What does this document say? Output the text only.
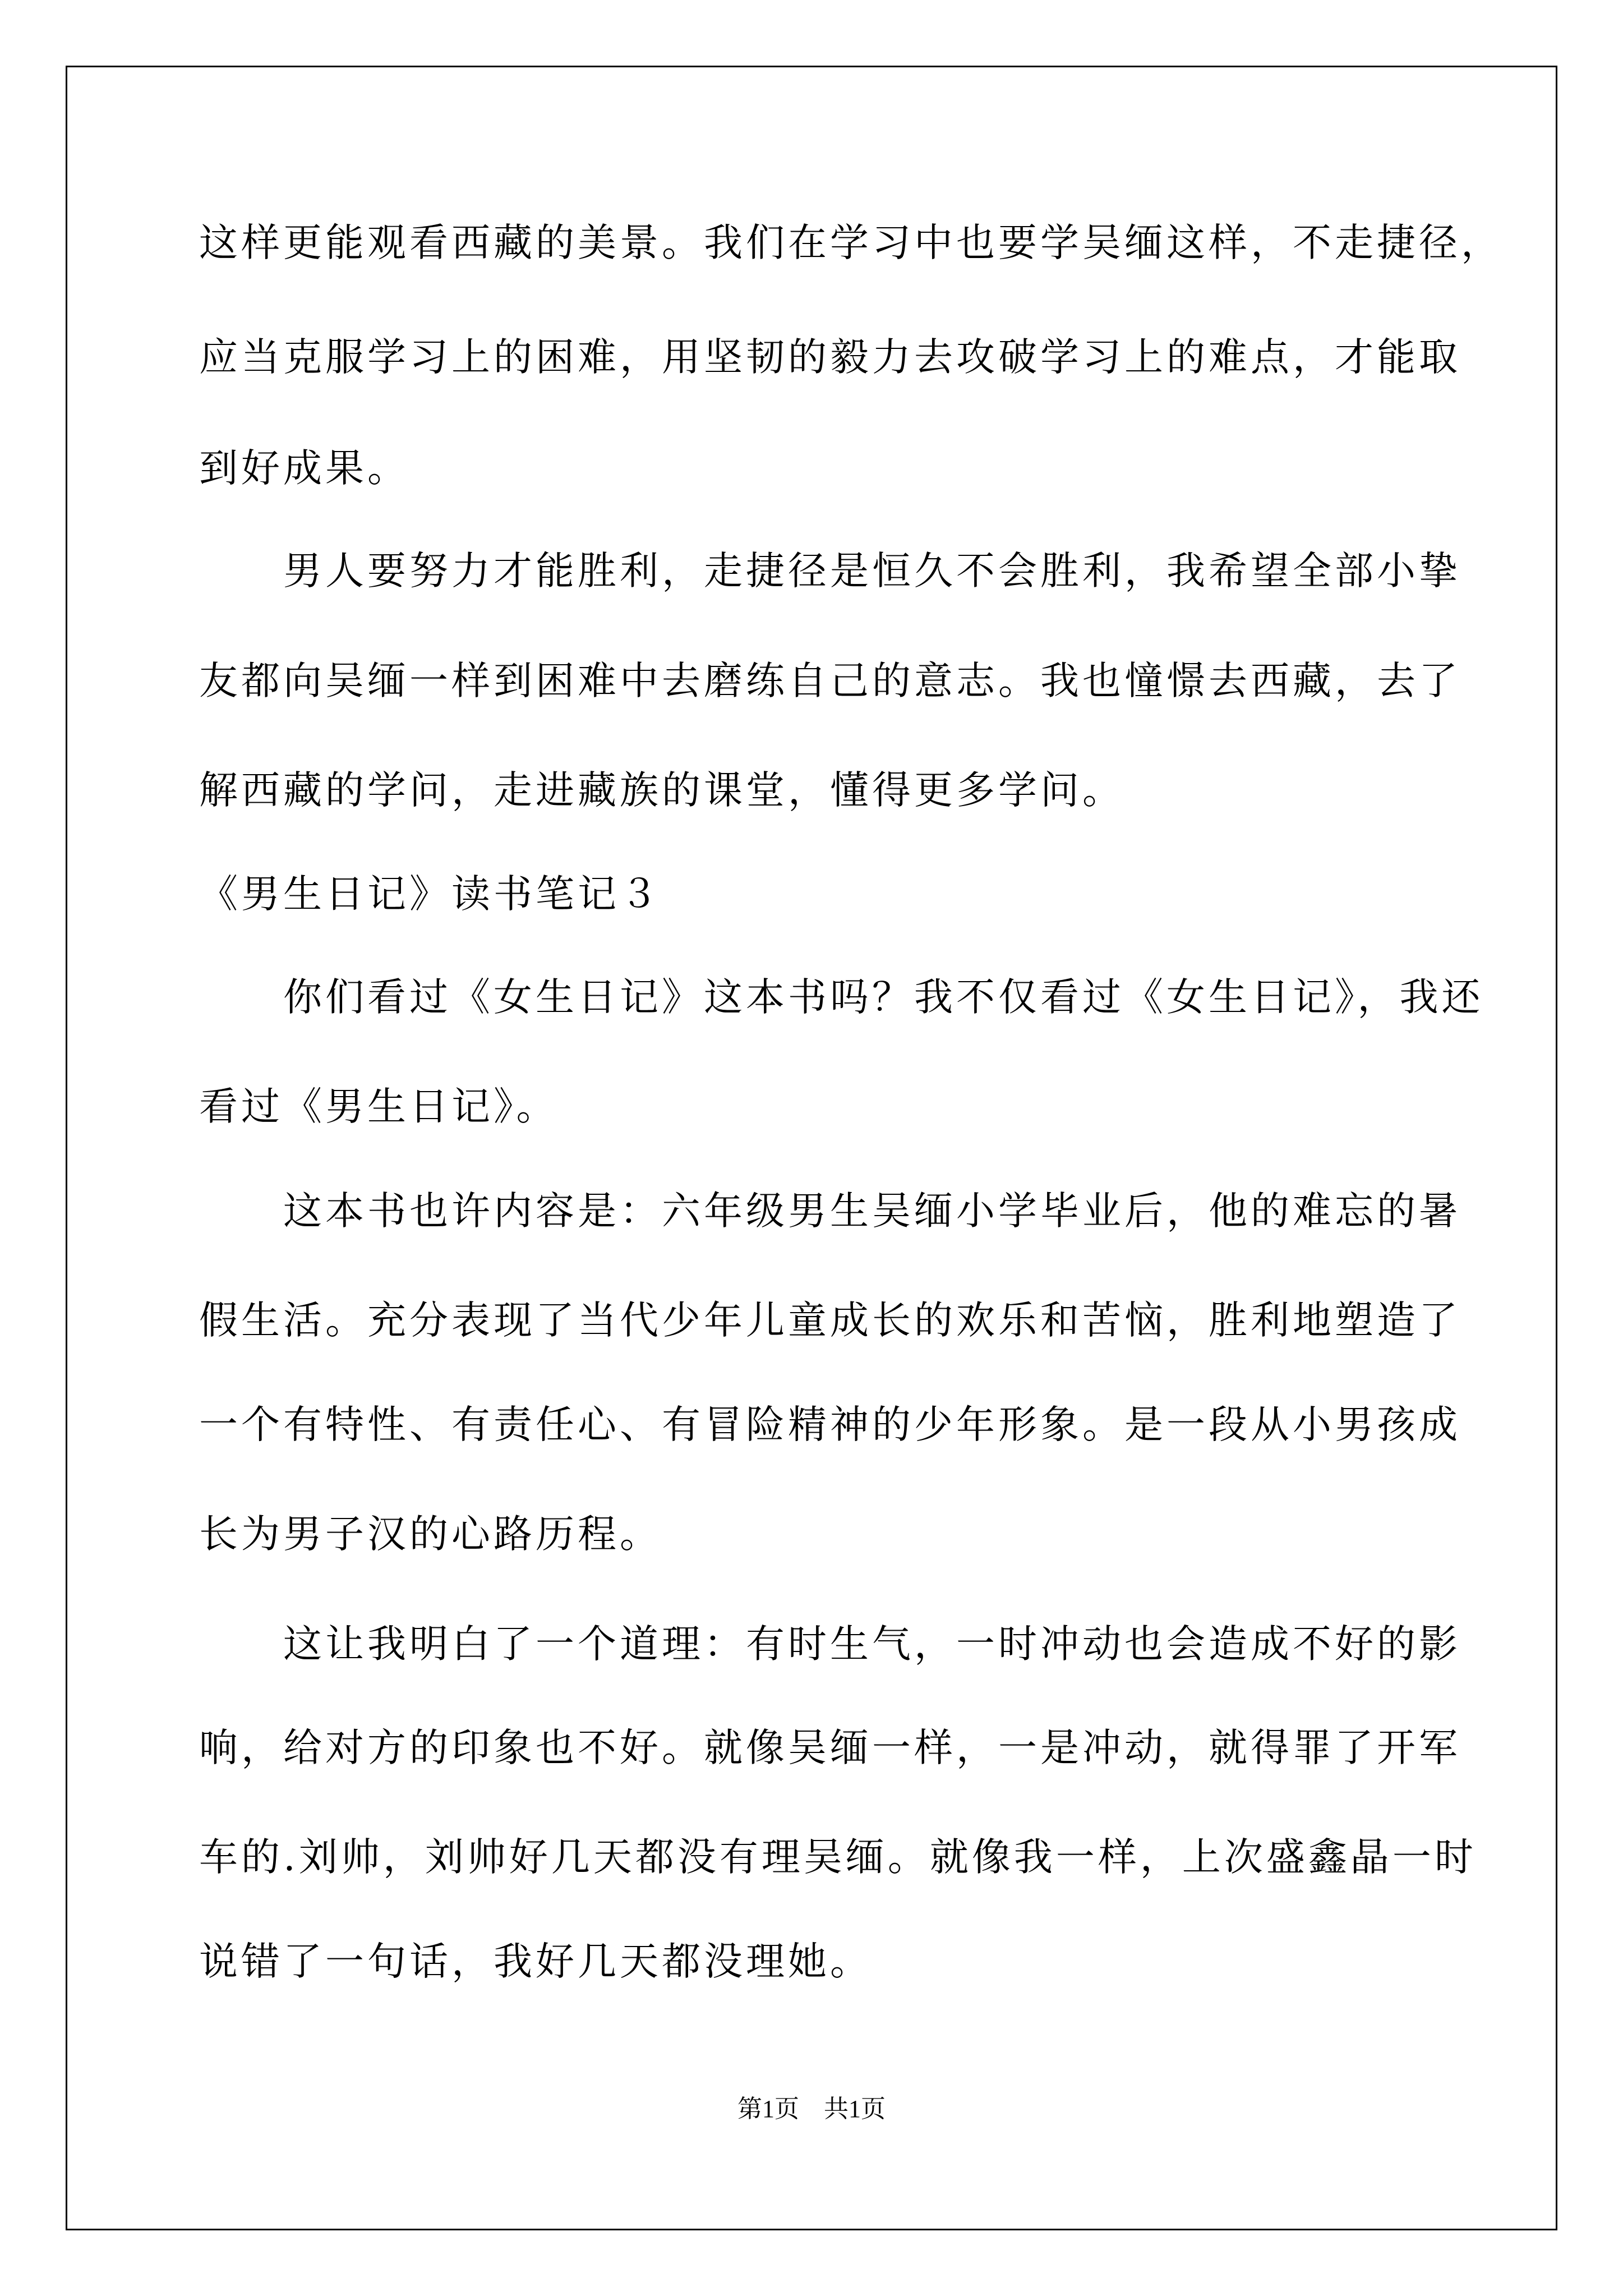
这样更能观看西藏的美景。我们在学习中也要学吴缅这样，不走捷径，
应当克服学习上的困难，用坚韧的毅力去攻破学习上的难点，才能取
到好成果。
　　男人要努力才能胜利，走捷径是恒久不会胜利，我希望全部小挚
友都向吴缅一样到困难中去磨练自己的意志。我也憧憬去西藏，去了
解西藏的学问，走进藏族的课堂，懂得更多学问。
《男生日记》读书笔记３
　　你们看过《女生日记》这本书吗？我不仅看过《女生日记》，我还
看过《男生日记》。
　　这本书也许内容是：六年级男生吴缅小学毕业后，他的难忘的暑
假生活。充分表现了当代少年儿童成长的欢乐和苦恼，胜利地塑造了
一个有特性、有责任心、有冒险精神的少年形象。是一段从小男孩成
长为男子汉的心路历程。
　　这让我明白了一个道理：有时生气，一时冲动也会造成不好的影
响，给对方的印象也不好。就像吴缅一样，一是冲动，就得罪了开军
车的.刘帅，刘帅好几天都没有理吴缅。就像我一样，上次盛鑫晶一时
说错了一句话，我好几天都没理她。
第1页　共1页
